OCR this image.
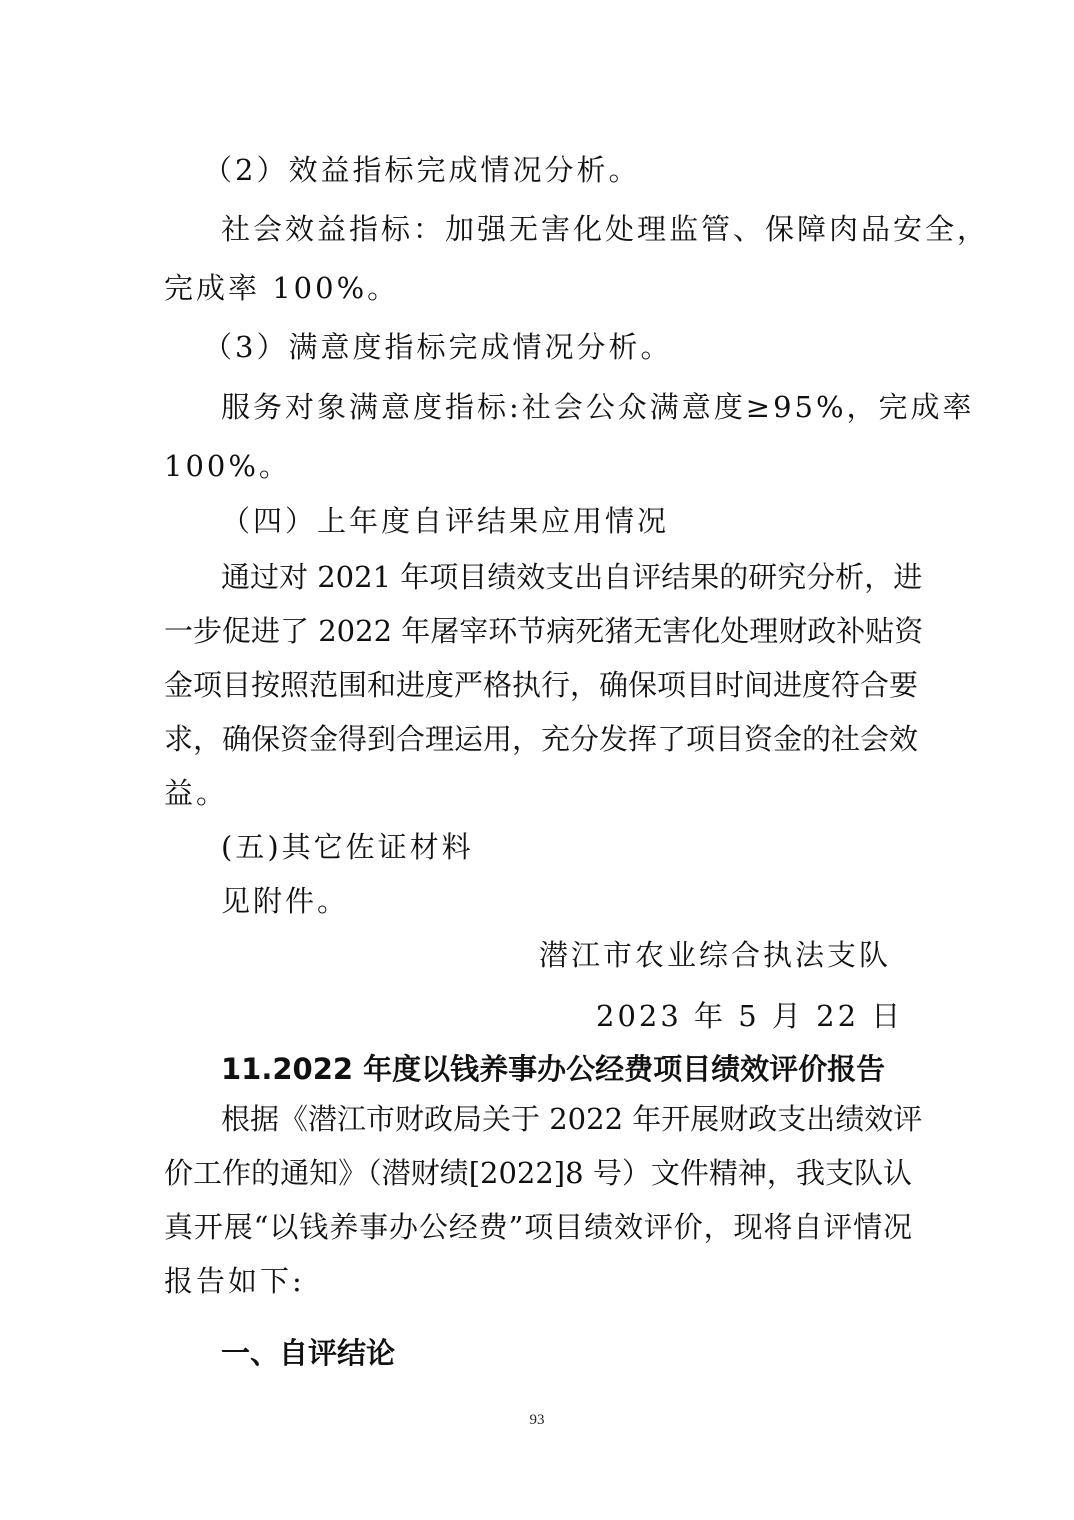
（2）效益指标完成情况分析。
社会效益指标：加强无害化处理监管、保障肉品安全，
完成率 100%。
（3）满意度指标完成情况分析。
服务对象满意度指标:社会公众满意度≥95%，完成率
100%。
（四）上年度自评结果应用情况
通过对 2021 年项目绩效支出自评结果的研究分析，进
一步促进了 2022 年屠宰环节病死猪无害化处理财政补贴资
金项目按照范围和进度严格执行，确保项目时间进度符合要
求，确保资金得到合理运用，充分发挥了项目资金的社会效
益。
(五)其它佐证材料
见附件。
潜江市农业综合执法支队
2023 年 5 月 22 日
11.2022 年度以钱养事办公经费项目绩效评价报告
根据《潜江市财政局关于 2022 年开展财政支出绩效评
价工作的通知》（潜财绩[2022]8 号）文件精神，我支队认
真开展“以钱养事办公经费”项目绩效评价，现将自评情况
报告如下:
一、自评结论
93
